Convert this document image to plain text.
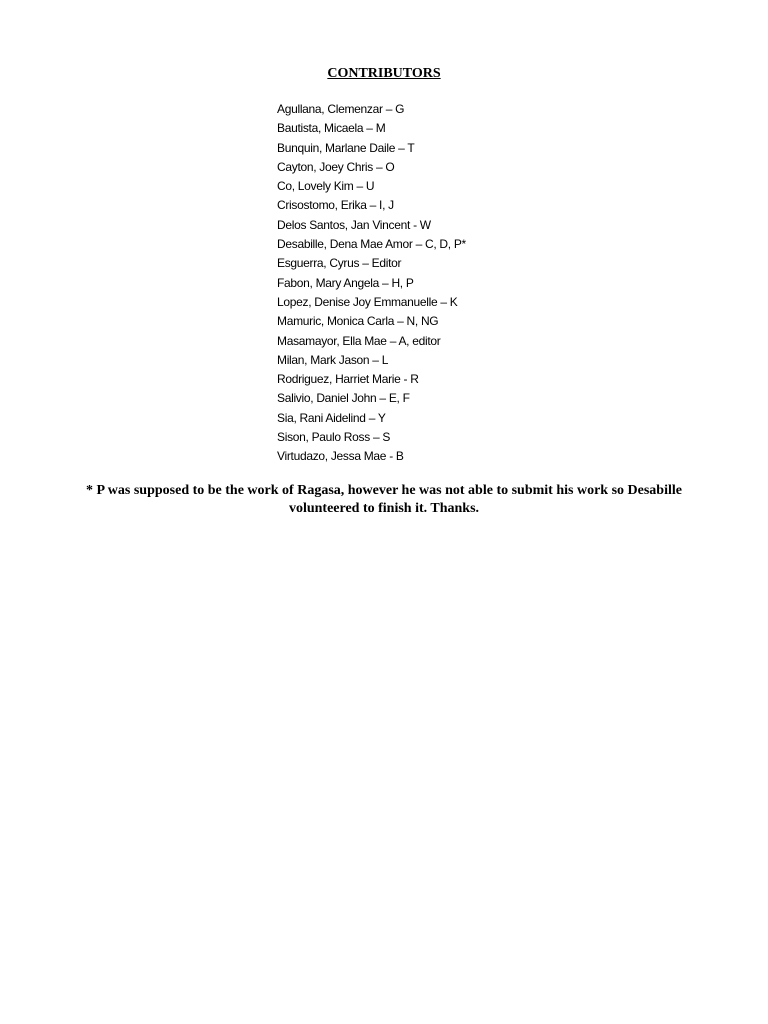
CONTRIBUTORS
Agullana, Clemenzar – G
Bautista, Micaela – M
Bunquin, Marlane Daile – T
Cayton, Joey Chris – O
Co, Lovely Kim – U
Crisostomo, Erika – I, J
Delos Santos, Jan Vincent - W
Desabille, Dena Mae Amor – C, D, P*
Esguerra, Cyrus – Editor
Fabon, Mary Angela – H, P
Lopez, Denise Joy Emmanuelle – K
Mamuric, Monica Carla – N, NG
Masamayor, Ella Mae – A, editor
Milan, Mark Jason – L
Rodriguez, Harriet Marie - R
Salivio, Daniel John – E, F
Sia, Rani Aidelind – Y
Sison, Paulo Ross – S
Virtudazo, Jessa Mae - B

* P was supposed to be the work of Ragasa, however he was not able to submit his work so Desabille volunteered to finish it. Thanks.
